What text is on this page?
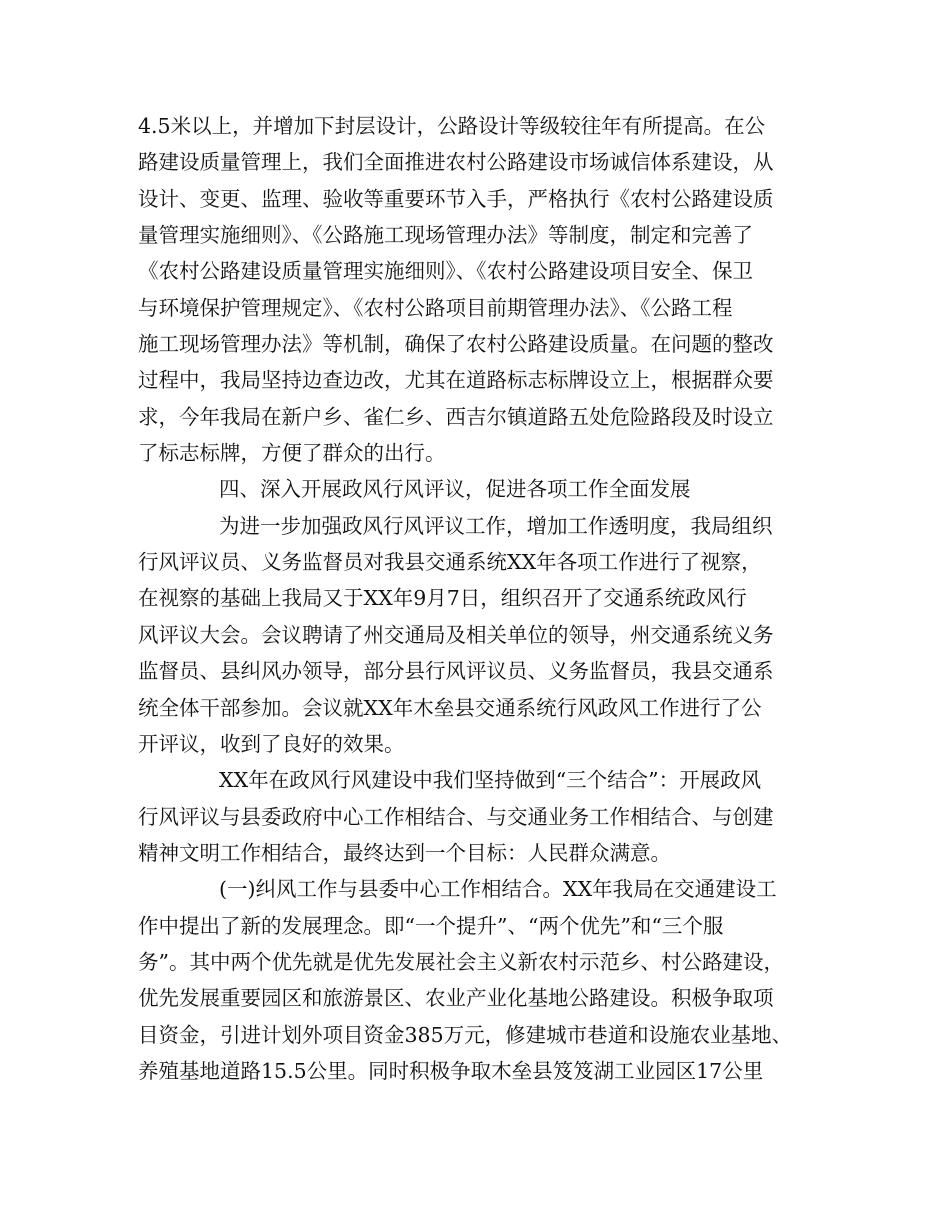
4.5米以上，并增加下封层设计，公路设计等级较往年有所提高。在公
路建设质量管理上，我们全面推进农村公路建设市场诚信体系建设，从
设计、变更、监理、验收等重要环节入手，严格执行《农村公路建设质
量管理实施细则》、《公路施工现场管理办法》等制度，制定和完善了
《农村公路建设质量管理实施细则》、《农村公路建设项目安全、保卫
与环境保护管理规定》、《农村公路项目前期管理办法》、《公路工程
施工现场管理办法》等机制，确保了农村公路建设质量。在问题的整改
过程中，我局坚持边查边改，尤其在道路标志标牌设立上，根据群众要
求，今年我局在新户乡、雀仁乡、西吉尔镇道路五处危险路段及时设立
了标志标牌，方便了群众的出行。
四、深入开展政风行风评议，促进各项工作全面发展
为进一步加强政风行风评议工作，增加工作透明度，我局组织
行风评议员、义务监督员对我县交通系统XX年各项工作进行了视察，
在视察的基础上我局又于XX年9月7日，组织召开了交通系统政风行
风评议大会。会议聘请了州交通局及相关单位的领导，州交通系统义务
监督员、县纠风办领导，部分县行风评议员、义务监督员，我县交通系
统全体干部参加。会议就XX年木垒县交通系统行风政风工作进行了公
开评议，收到了良好的效果。
XX年在政风行风建设中我们坚持做到“三个结合”：开展政风
行风评议与县委政府中心工作相结合、与交通业务工作相结合、与创建
精神文明工作相结合，最终达到一个目标：人民群众满意。
(一)纠风工作与县委中心工作相结合。XX年我局在交通建设工
作中提出了新的发展理念。即“一个提升”、“两个优先”和“三个服
务”。其中两个优先就是优先发展社会主义新农村示范乡、村公路建设，
优先发展重要园区和旅游景区、农业产业化基地公路建设。积极争取项
目资金，引进计划外项目资金385万元，修建城市巷道和设施农业基地、
养殖基地道路15.5公里。同时积极争取木垒县笈笈湖工业园区17公里
